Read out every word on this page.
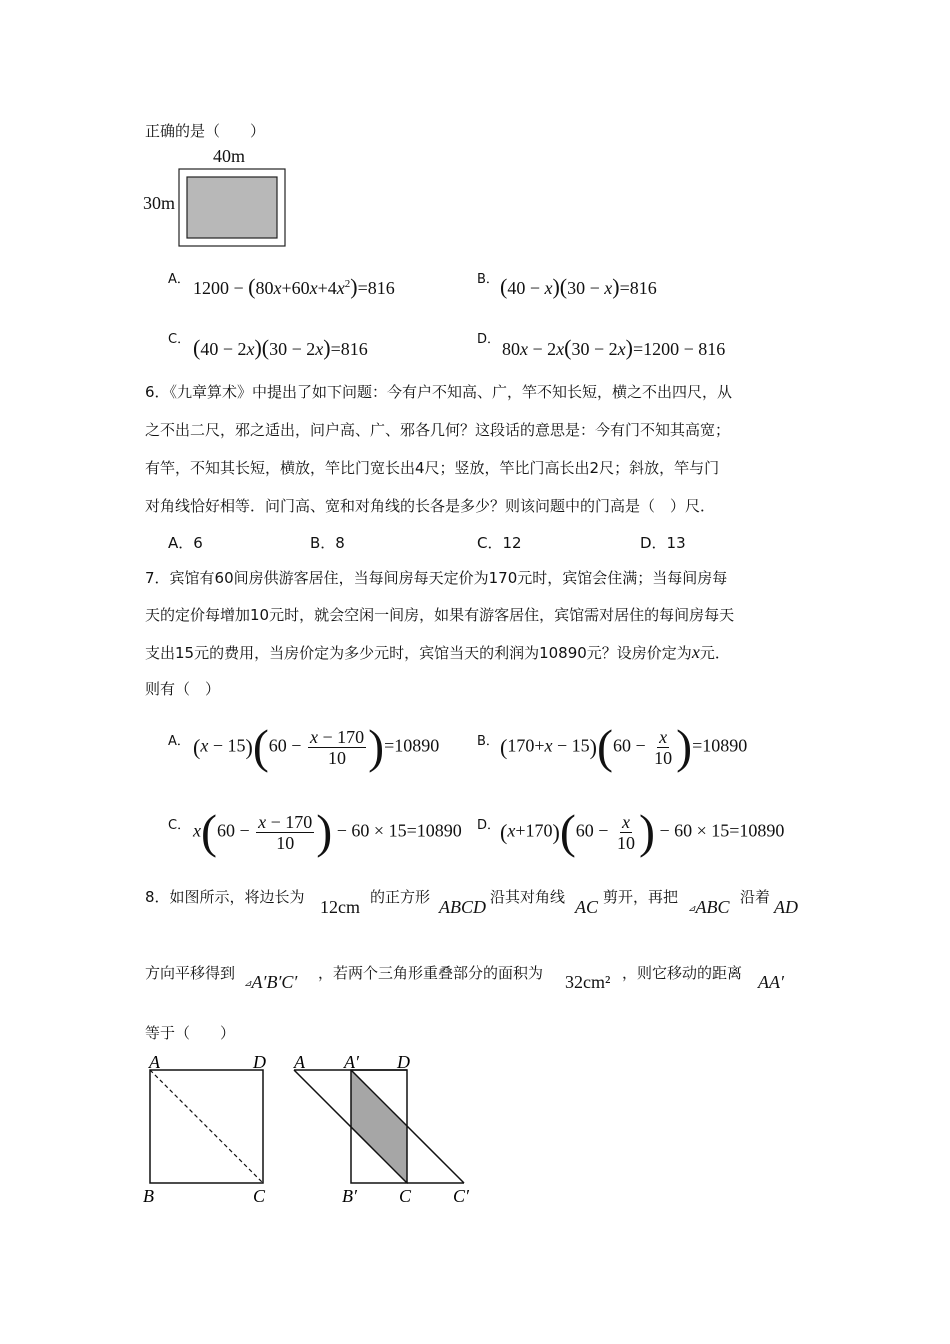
正确的是（　　）
40m
30m
A． $1200 - (80x+60x+4x^2)=816$	B． (40 − x)(30 − x)=816
C． (40 − 2x)(30 − 2x)=816	D． 80x − 2x(30 − 2x)=1200 − 816
6．《九章算术》中提出了如下问题：今有户不知高、广，竿不知长短，横之不出四尺，从
之不出二尺，邪之适出，问户高、广、邪各几何？这段话的意思是：今有门不知其高宽；
有竿，不知其长短，横放，竿比门宽长出4尺；竖放，竿比门高长出2尺；斜放，竿与门
对角线恰好相等．问门高、宽和对角线的长各是多少？则该问题中的门高是（　）尺．
A．6	B．8	C．12	D．13
7．宾馆有60间房供游客居住，当每间房每天定价为170元时，宾馆会住满；当每间房每
天的定价每增加10元时，就会空闲一间房，如果有游客居住，宾馆需对居住的每间房每天
支出15元的费用，当房价定为多少元时，宾馆当天的利润为10890元？设房价定为x元．
则有（　）
A． $(x - 15)(60 - \frac{x - 170}{10} )=10890$	B． $(170+x - 15)(60 - \frac{x}{10} )=10890$
C． $x(60 - \frac{x - 170}{10}$ ) − 60 × 15=10890 D． $(x+170)(60 - \frac{x}{10}$ ) − 60 × 15=10890
8．如图所示，将边长为 12cm 的正方形 ABCD 沿其对角线 AC 剪开，再把
⊿ABC 沿着 AD
方向平移得到
⊿A′B′C′ ，若两个三角形重叠部分的面积为 32cm² ，则它移动的距离 AA′
等于（　　）
A	D
B	C
A A′ D
B′ C C′
